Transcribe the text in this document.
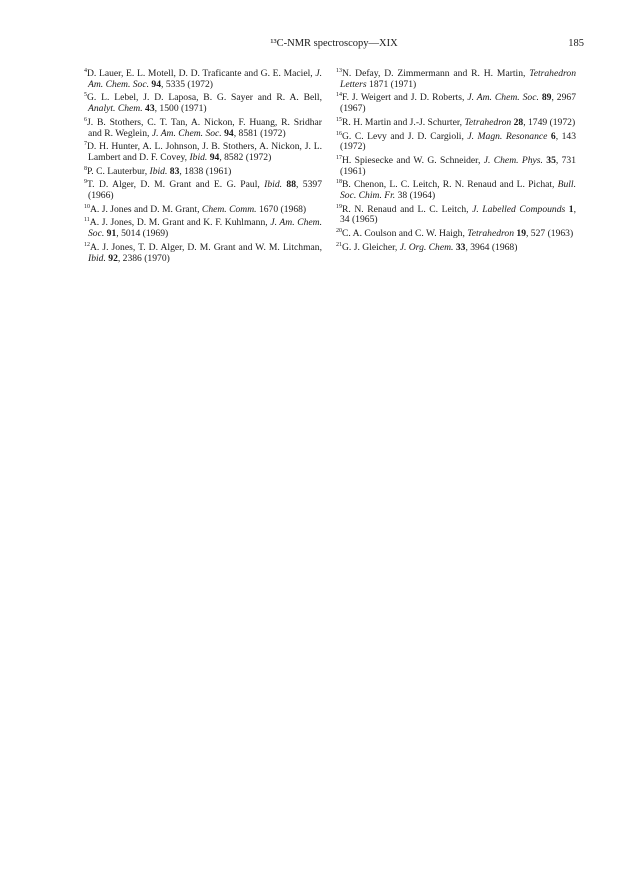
¹³C-NMR spectroscopy—XIX	185

$^4$D. Lauer, E. L. Motell, D. D. Traficante and G. E. Maciel, J. Am. Chem. Soc. 94, 5335 (1972)

$^5$G. L. Lebel, J. D. Laposa, B. G. Sayer and R. A. Bell, Analyt. Chem. 43, 1500 (1971)

$^6$J. B. Stothers, C. T. Tan, A. Nickon, F. Huang, R. Sridhar and R. Weglein, J. Am. Chem. Soc. 94, 8581 (1972)

$^7$D. H. Hunter, A. L. Johnson, J. B. Stothers, A. Nickon, J. L. Lambert and D. F. Covey, Ibid. 94, 8582 (1972)

$^8$P. C. Lauterbur, Ibid. 83, 1838 (1961)

$^9$T. D. Alger, D. M. Grant and E. G. Paul, Ibid. 88, 5397 (1966)

$^{10}$A. J. Jones and D. M. Grant, Chem. Comm. 1670 (1968)

$^{11}$A. J. Jones, D. M. Grant and K. F. Kuhlmann, J. Am. Chem. Soc. 91, 5014 (1969)

$^{12}$A. J. Jones, T. D. Alger, D. M. Grant and W. M. Litchman, Ibid. 92, 2386 (1970)

$^{13}$N. Defay, D. Zimmermann and R. H. Martin, Tetrahedron Letters 1871 (1971)

$^{14}$F. J. Weigert and J. D. Roberts, J. Am. Chem. Soc. 89, 2967 (1967)

$^{15}$R. H. Martin and J.-J. Schurter, Tetrahedron 28, 1749 (1972)

$^{16}$G. C. Levy and J. D. Cargioli, J. Magn. Resonance 6, 143 (1972)

$^{17}$H. Spiesecke and W. G. Schneider, J. Chem. Phys. 35, 731 (1961)

$^{18}$B. Chenon, L. C. Leitch, R. N. Renaud and L. Pichat, Bull. Soc. Chim. Fr. 38 (1964)

$^{19}$R. N. Renaud and L. C. Leitch, J. Labelled Compounds 1, 34 (1965)

$^{20}$C. A. Coulson and C. W. Haigh, Tetrahedron 19, 527 (1963)

$^{21}$G. J. Gleicher, J. Org. Chem. 33, 3964 (1968)
